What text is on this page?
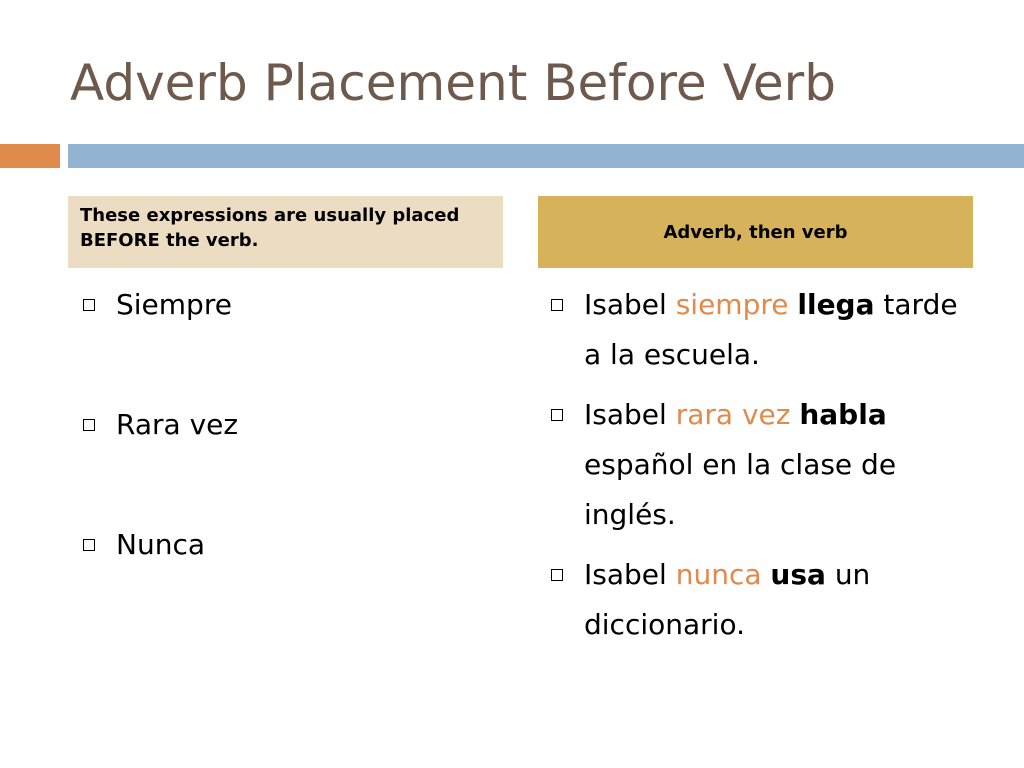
Adverb Placement Before Verb
These expressions are usually placed BEFORE the verb.	Adverb, then verb
Siempre
Rara vez
Nunca
Isabel siempre llega tarde a la escuela.
Isabel rara vez habla español en la clase de inglés.
Isabel nunca usa un diccionario.
